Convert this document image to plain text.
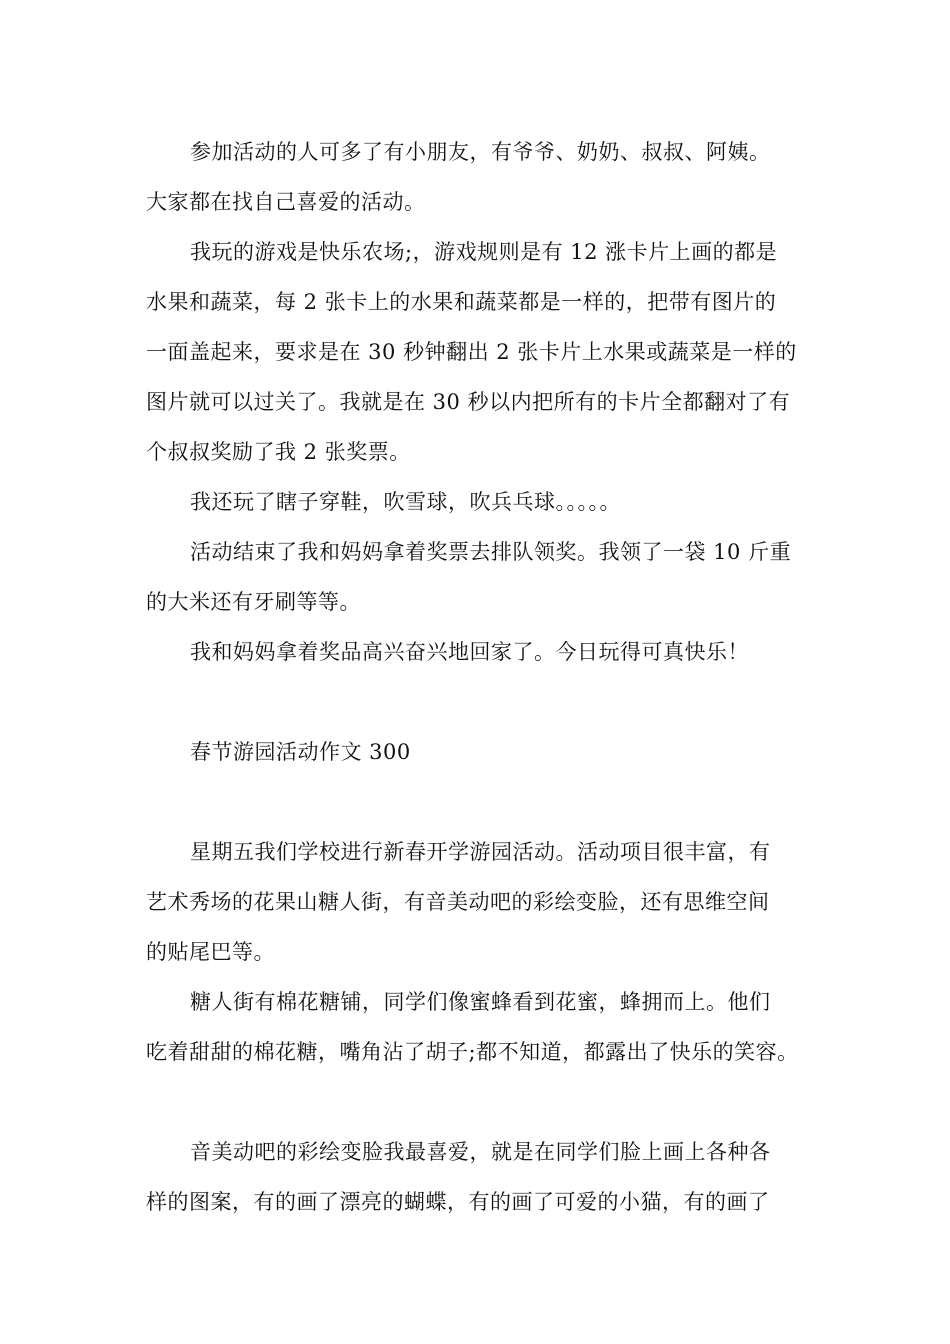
参加活动的人可多了有小朋友，有爷爷、奶奶、叔叔、阿姨。
大家都在找自己喜爱的活动。
我玩的游戏是快乐农场;，游戏规则是有 12 涨卡片上画的都是
水果和蔬菜，每 2 张卡上的水果和蔬菜都是一样的，把带有图片的
一面盖起来，要求是在 30 秒钟翻出 2 张卡片上水果或蔬菜是一样的
图片就可以过关了。我就是在 30 秒以内把所有的卡片全都翻对了有
个叔叔奖励了我 2 张奖票。
我还玩了瞎子穿鞋，吹雪球，吹兵乓球。。。。。
活动结束了我和妈妈拿着奖票去排队领奖。我领了一袋 10 斤重
的大米还有牙刷等等。
我和妈妈拿着奖品高兴奋兴地回家了。今日玩得可真快乐！
春节游园活动作文 300
星期五我们学校进行新春开学游园活动。活动项目很丰富，有
艺术秀场的花果山糖人街，有音美动吧的彩绘变脸，还有思维空间
的贴尾巴等。
糖人街有棉花糖铺，同学们像蜜蜂看到花蜜，蜂拥而上。他们
吃着甜甜的棉花糖，嘴角沾了胡子;都不知道，都露出了快乐的笑容。
音美动吧的彩绘变脸我最喜爱，就是在同学们脸上画上各种各
样的图案，有的画了漂亮的蝴蝶，有的画了可爱的小猫，有的画了
